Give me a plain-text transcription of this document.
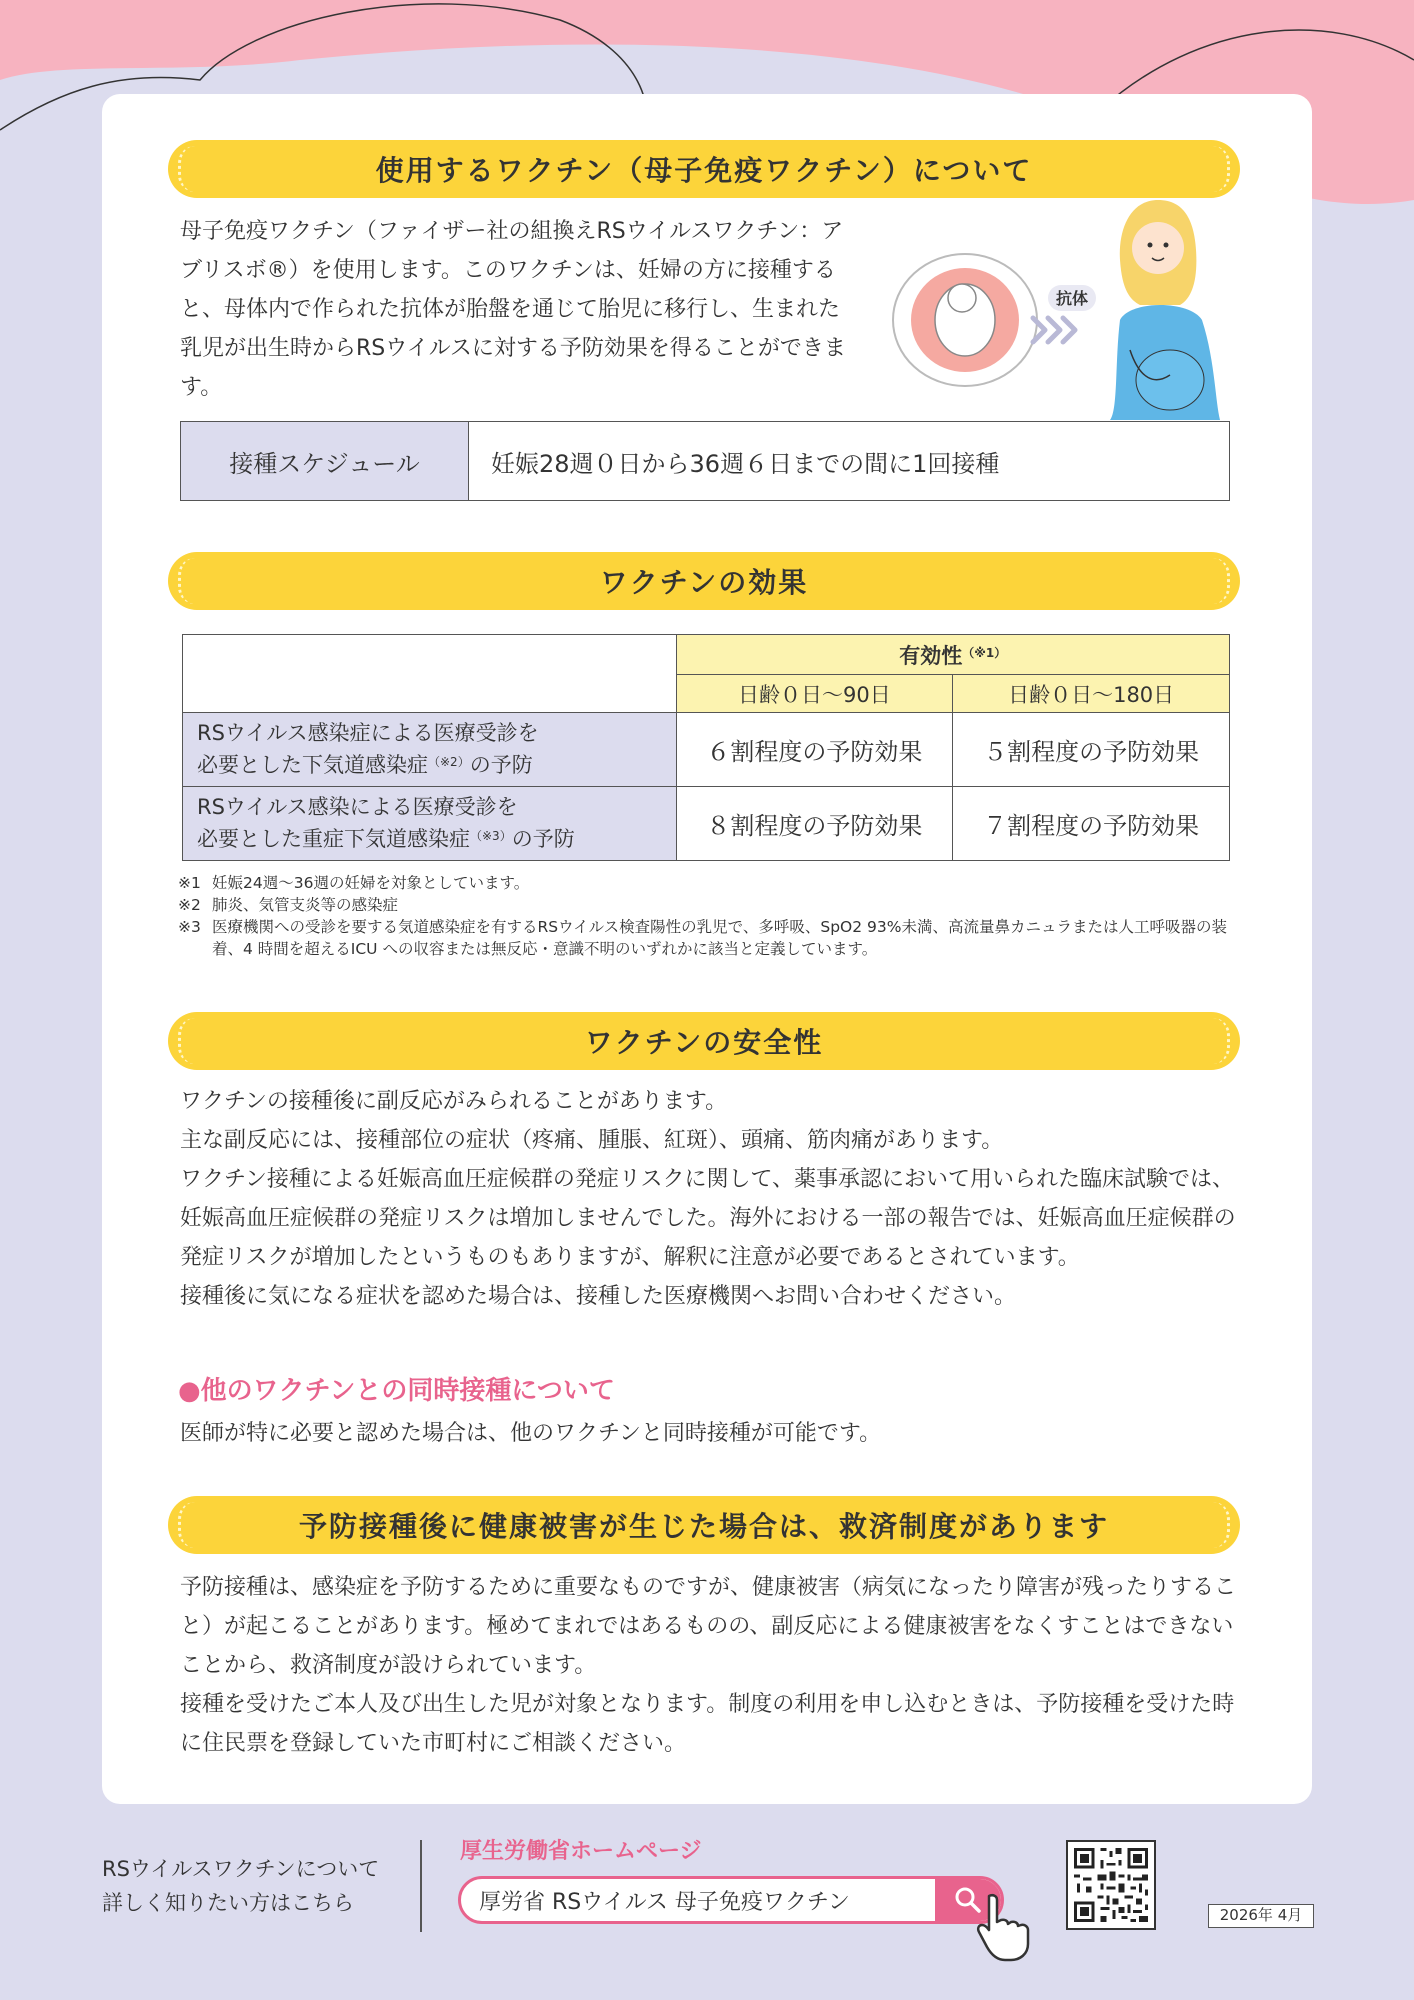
使用するワクチン（母子免疫ワクチン）について
母子免疫ワクチン（ファイザー社の組換えRSウイルスワクチン：アブリスボ®）を使用します。このワクチンは、妊婦の方に接種すると、母体内で作られた抗体が胎盤を通じて胎児に移行し、生まれた乳児が出生時からRSウイルスに対する予防効果を得ることができます。
抗体
接種スケジュール	妊娠28週０日から36週６日までの間に1回接種
ワクチンの効果
	有効性$^{(※1)}$
	日齢０日〜90日	日齢０日〜180日
RSウイルス感染症による医療受診を
必要とした下気道感染症$^{(※2)}$の予防	６割程度の予防効果	５割程度の予防効果
RSウイルス感染による医療受診を
必要とした重症下気道感染症$^{(※3)}$の予防	８割程度の予防効果	７割程度の予防効果
※1 妊娠24週〜36週の妊婦を対象としています。
※2 肺炎、気管支炎等の感染症
※3 医療機関への受診を要する気道感染症を有するRSウイルス検査陽性の乳児で、多呼吸、SpO2 93%未満、高流量鼻カニュラまたは人工呼吸器の装着、4 時間を超えるICU への収容または無反応・意識不明のいずれかに該当と定義しています。
ワクチンの安全性
ワクチンの接種後に副反応がみられることがあります。
主な副反応には、接種部位の症状（疼痛、腫脹、紅斑）、頭痛、筋肉痛があります。
ワクチン接種による妊娠高血圧症候群の発症リスクに関して、薬事承認において用いられた臨床試験では、妊娠高血圧症候群の発症リスクは増加しませんでした。海外における一部の報告では、妊娠高血圧症候群の発症リスクが増加したというものもありますが、解釈に注意が必要であるとされています。
接種後に気になる症状を認めた場合は、接種した医療機関へお問い合わせください。
●他のワクチンとの同時接種について
医師が特に必要と認めた場合は、他のワクチンと同時接種が可能です。
予防接種後に健康被害が生じた場合は、救済制度があります
予防接種は、感染症を予防するために重要なものですが、健康被害（病気になったり障害が残ったりすること）が起こることがあります。極めてまれではあるものの、副反応による健康被害をなくすことはできないことから、救済制度が設けられています。
接種を受けたご本人及び出生した児が対象となります。制度の利用を申し込むときは、予防接種を受けた時に住民票を登録していた市町村にご相談ください。
RSウイルスワクチンについて
詳しく知りたい方はこちら
厚生労働省ホームページ
厚労省 RSウイルス 母子免疫ワクチン
2026年 4月
